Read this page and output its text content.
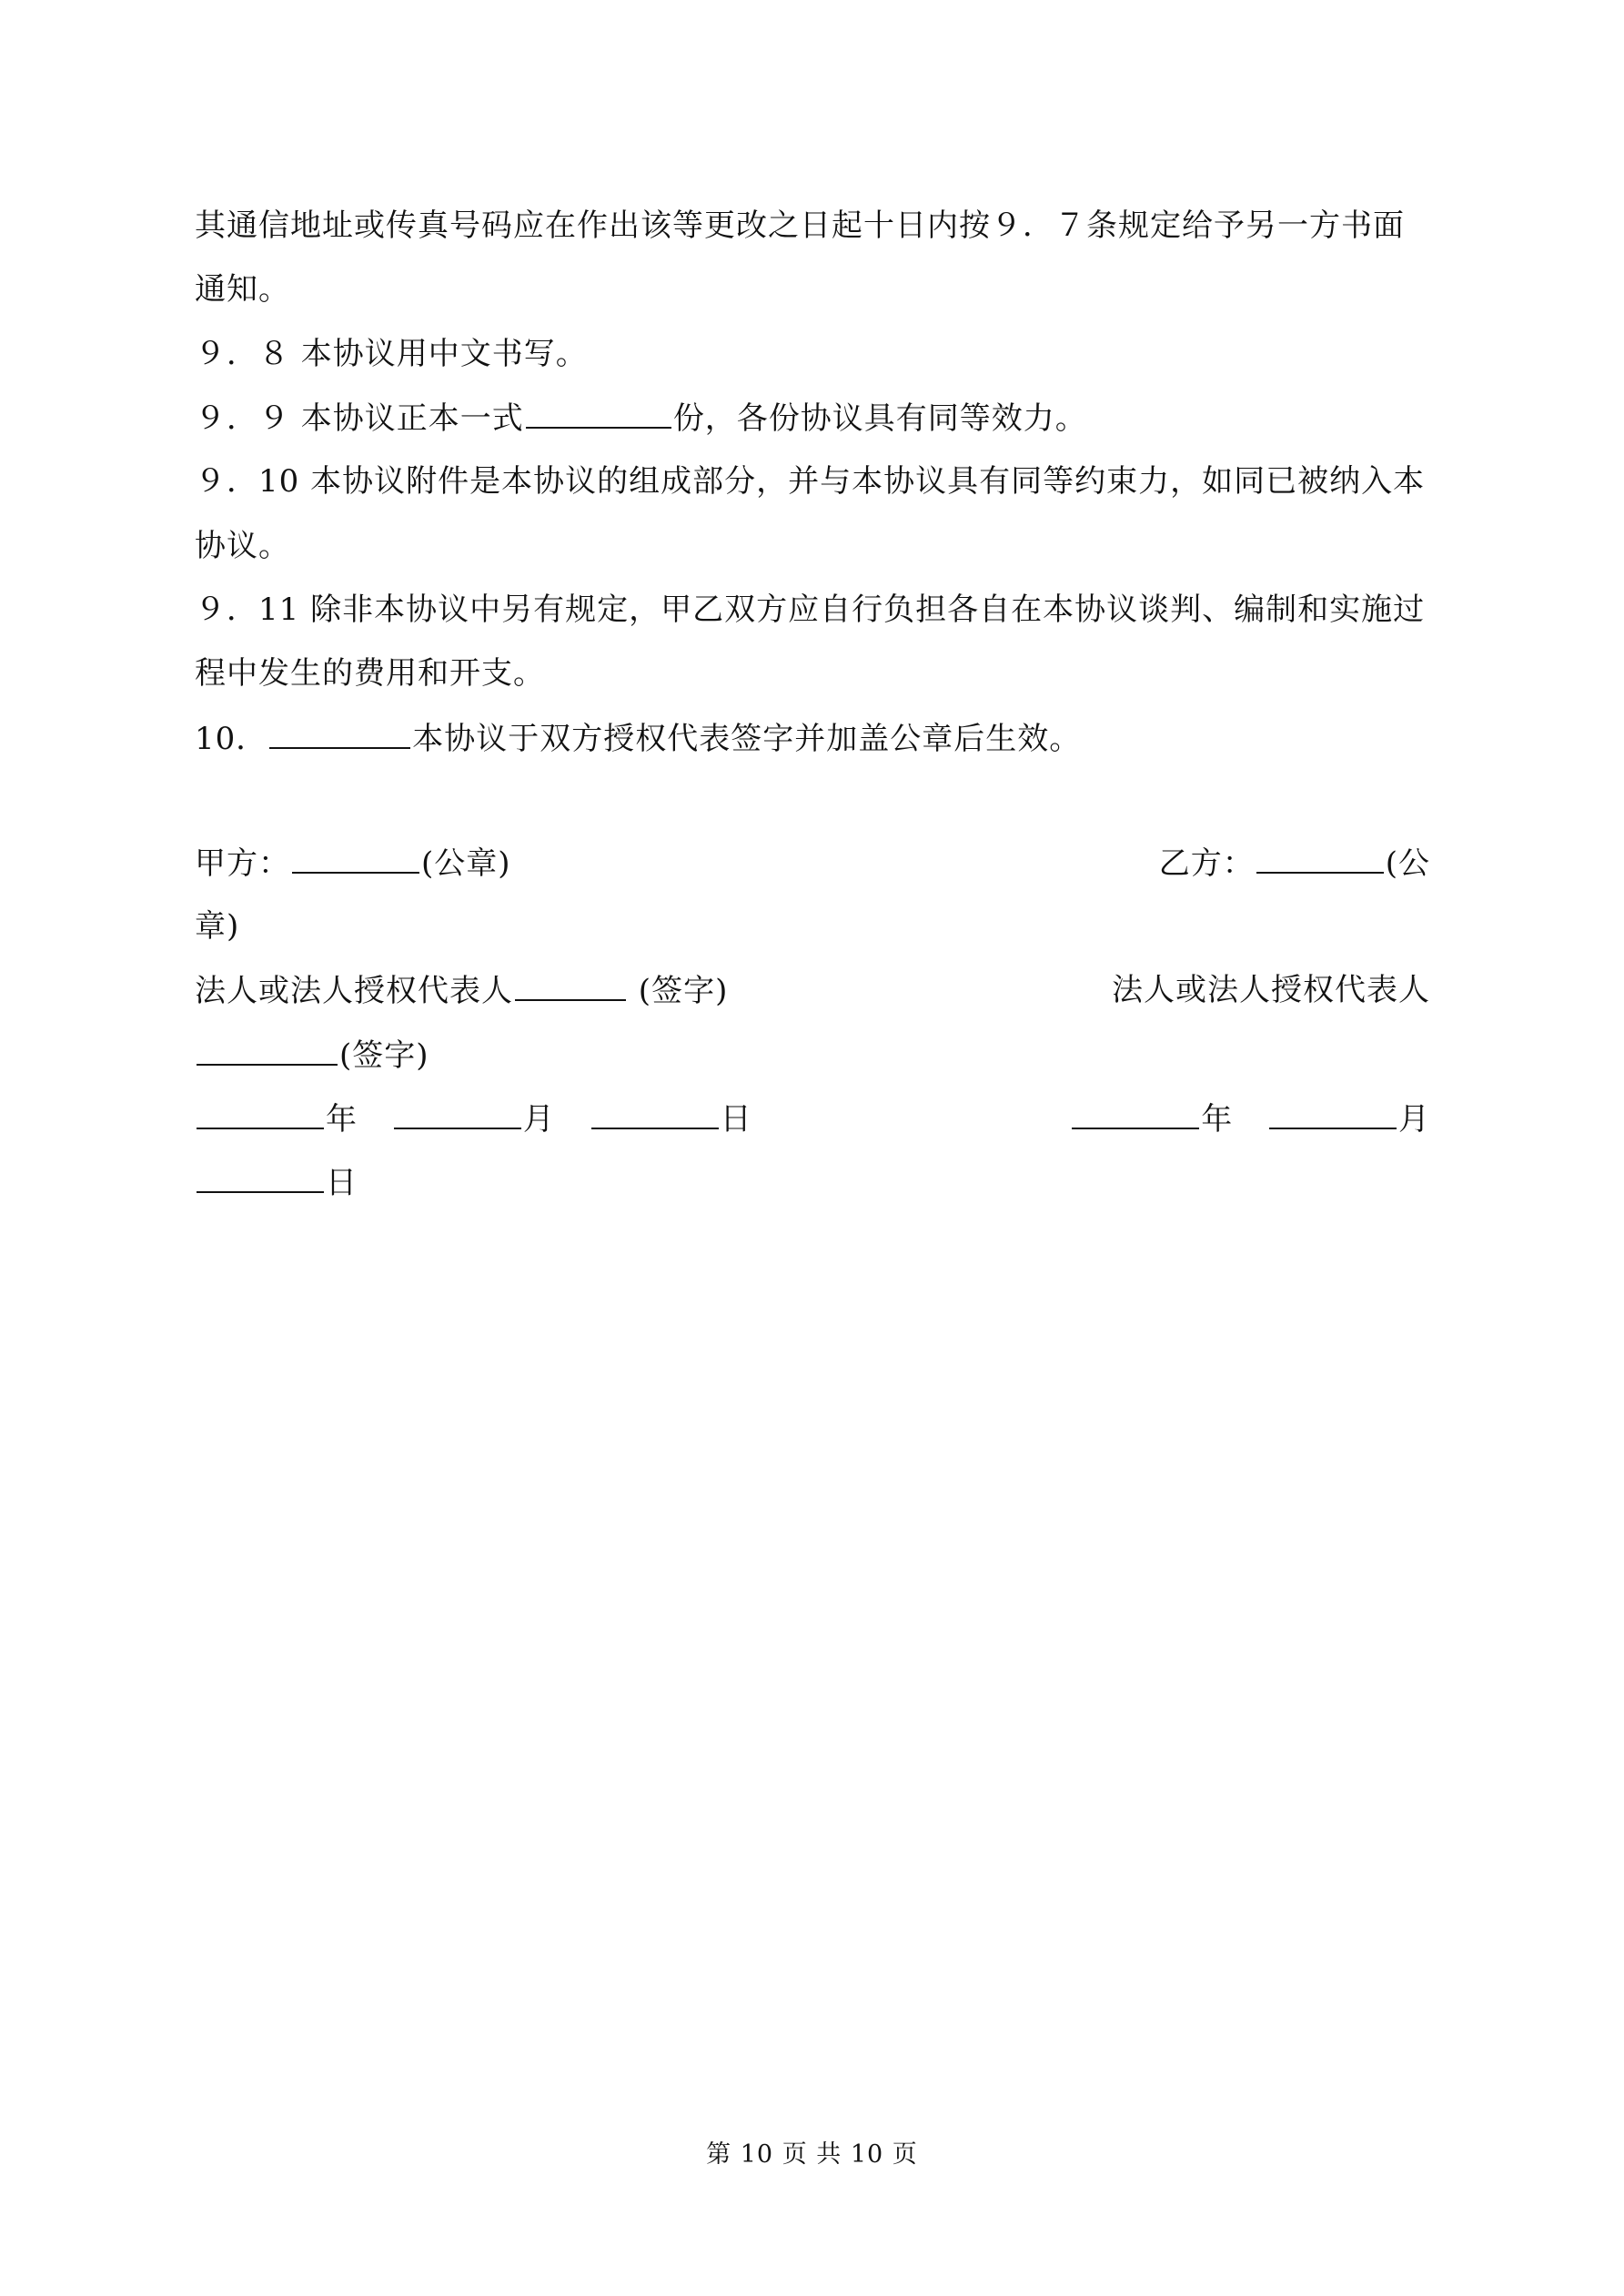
其通信地址或传真号码应在作出该等更改之日起十日内按９．７条规定给予另一方书面
通知。
９．８ 本协议用中文书写。
９．９ 本协议正本一式	份，各份协议具有同等效力。
９．10 本协议附件是本协议的组成部分，并与本协议具有同等约束力，如同已被纳入本
协议。
９．11 除非本协议中另有规定，甲乙双方应自行负担各自在本协议谈判、编制和实施过
程中发生的费用和开支。
10．	本协议于双方授权代表签字并加盖公章后生效。
甲方：	(公章)	乙方：	(公
章)
法人或法人授权代表人	(签字)	法人或法人授权代表人
(签字)
年	月	日	年	月
日
第 10 页 共 10 页
